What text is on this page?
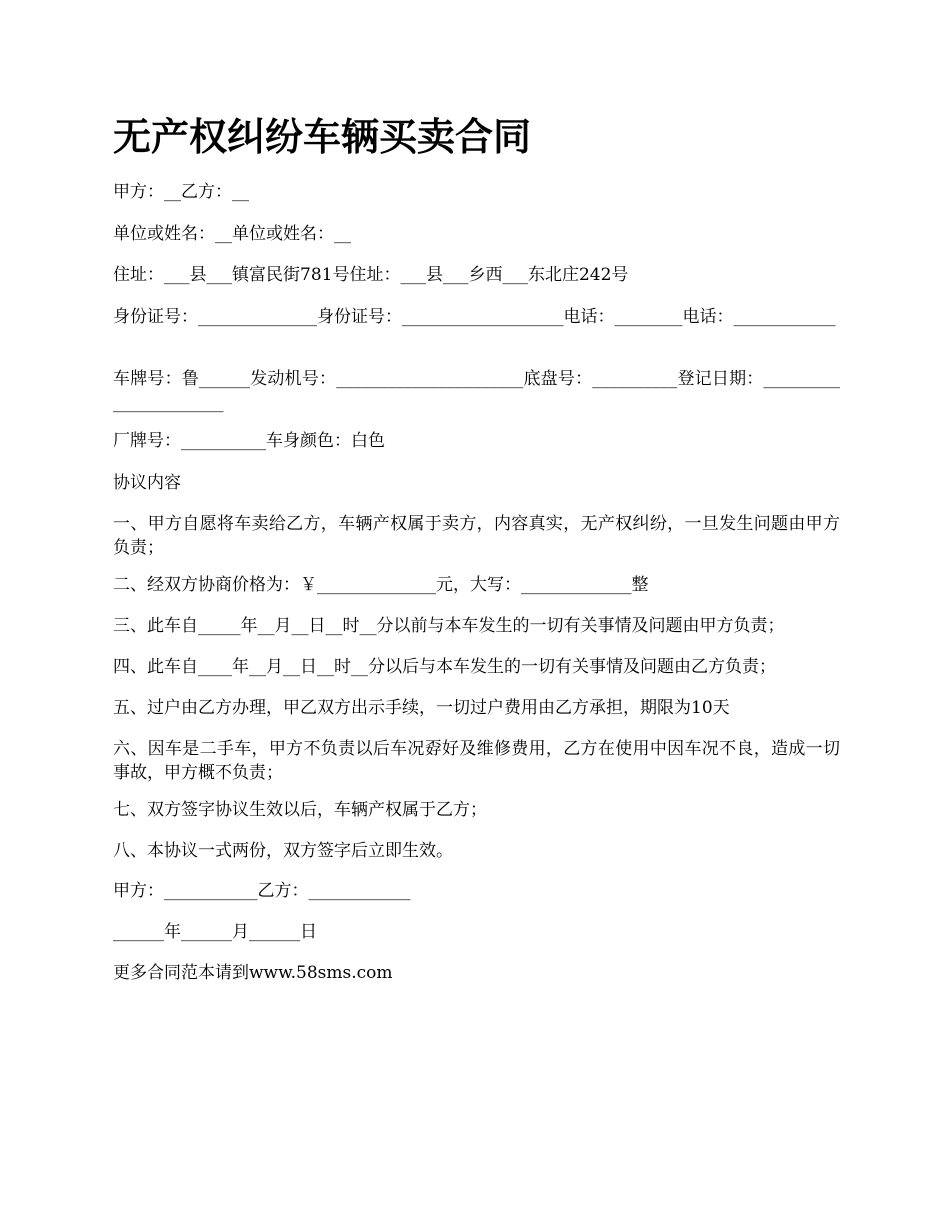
无产权纠纷车辆买卖合同

甲方：__乙方：__

单位或姓名：__单位或姓名：__

住址：___县___镇富民街781号住址：___县___乡西___东北庄242号

身份证号：______________身份证号：___________________电话：________电话：____________

车牌号：鲁______发动机号：______________________底盘号：__________登记日期：______________________

厂牌号：__________车身颜色：白色

协议内容

一、甲方自愿将车卖给乙方，车辆产权属于卖方，内容真实，无产权纠纷，一旦发生问题由甲方负责；

二、经双方协商价格为：￥______________元，大写：_____________整

三、此车自_____年__月__日__时__分以前与本车发生的一切有关事情及问题由甲方负责；

四、此车自____年__月__日__时__分以后与本车发生的一切有关事情及问题由乙方负责；

五、过户由乙方办理，甲乙双方出示手续，一切过户费用由乙方承担，期限为10天

六、因车是二手车，甲方不负责以后车况孬好及维修费用，乙方在使用中因车况不良，造成一切事故，甲方概不负责；

七、双方签字协议生效以后，车辆产权属于乙方；

八、本协议一式两份，双方签字后立即生效。

甲方：___________乙方：____________

______年______月______日

更多合同范本请到www.58sms.com
